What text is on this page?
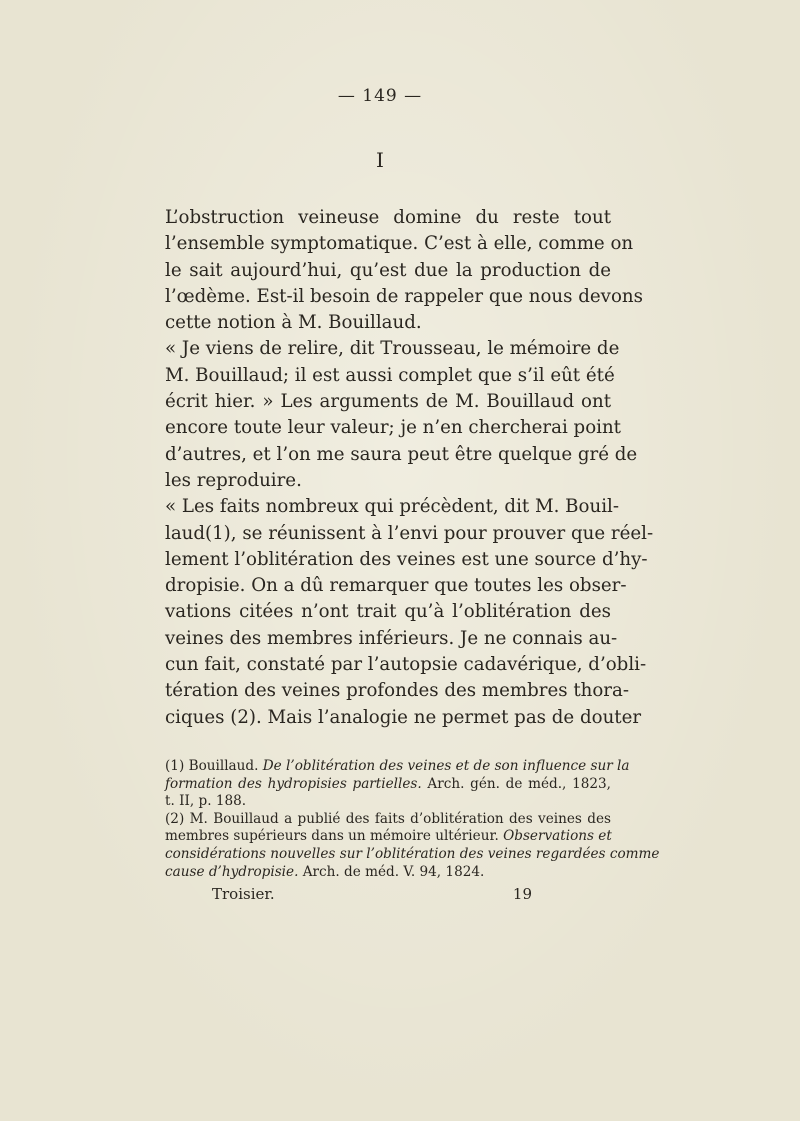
— 149 —
I
L’obstruction veineuse domine du reste tout
l’ensemble symptomatique. C’est à elle, comme on
le sait aujourd’hui, qu’est due la production de
l’œdème. Est-il besoin de rappeler que nous devons
cette notion à M. Bouillaud.
« Je viens de relire, dit Trousseau, le mémoire de
M. Bouillaud; il est aussi complet que s’il eût été
écrit hier. » Les arguments de M. Bouillaud ont
encore toute leur valeur; je n’en chercherai point
d’autres, et l’on me saura peut être quelque gré de
les reproduire.
« Les faits nombreux qui précèdent, dit M. Bouil-
laud(1), se réunissent à l’envi pour prouver que réel-
lement l’oblitération des veines est une source d’hy-
dropisie. On a dû remarquer que toutes les obser-
vations citées n’ont trait qu’à l’oblitération des
veines des membres inférieurs. Je ne connais au-
cun fait, constaté par l’autopsie cadavérique, d’obli-
tération des veines profondes des membres thora-
ciques (2). Mais l’analogie ne permet pas de douter
(1) Bouillaud. De l’oblitération des veines et de son influence sur la
formation des hydropisies partielles. Arch. gén. de méd., 1823,
t. II, p. 188.
(2) M. Bouillaud a publié des faits d’oblitération des veines des
membres supérieurs dans un mémoire ultérieur. Observations et
considérations nouvelles sur l’oblitération des veines regardées comme
cause d’hydropisie. Arch. de méd. V. 94, 1824.
Troisier.	19
